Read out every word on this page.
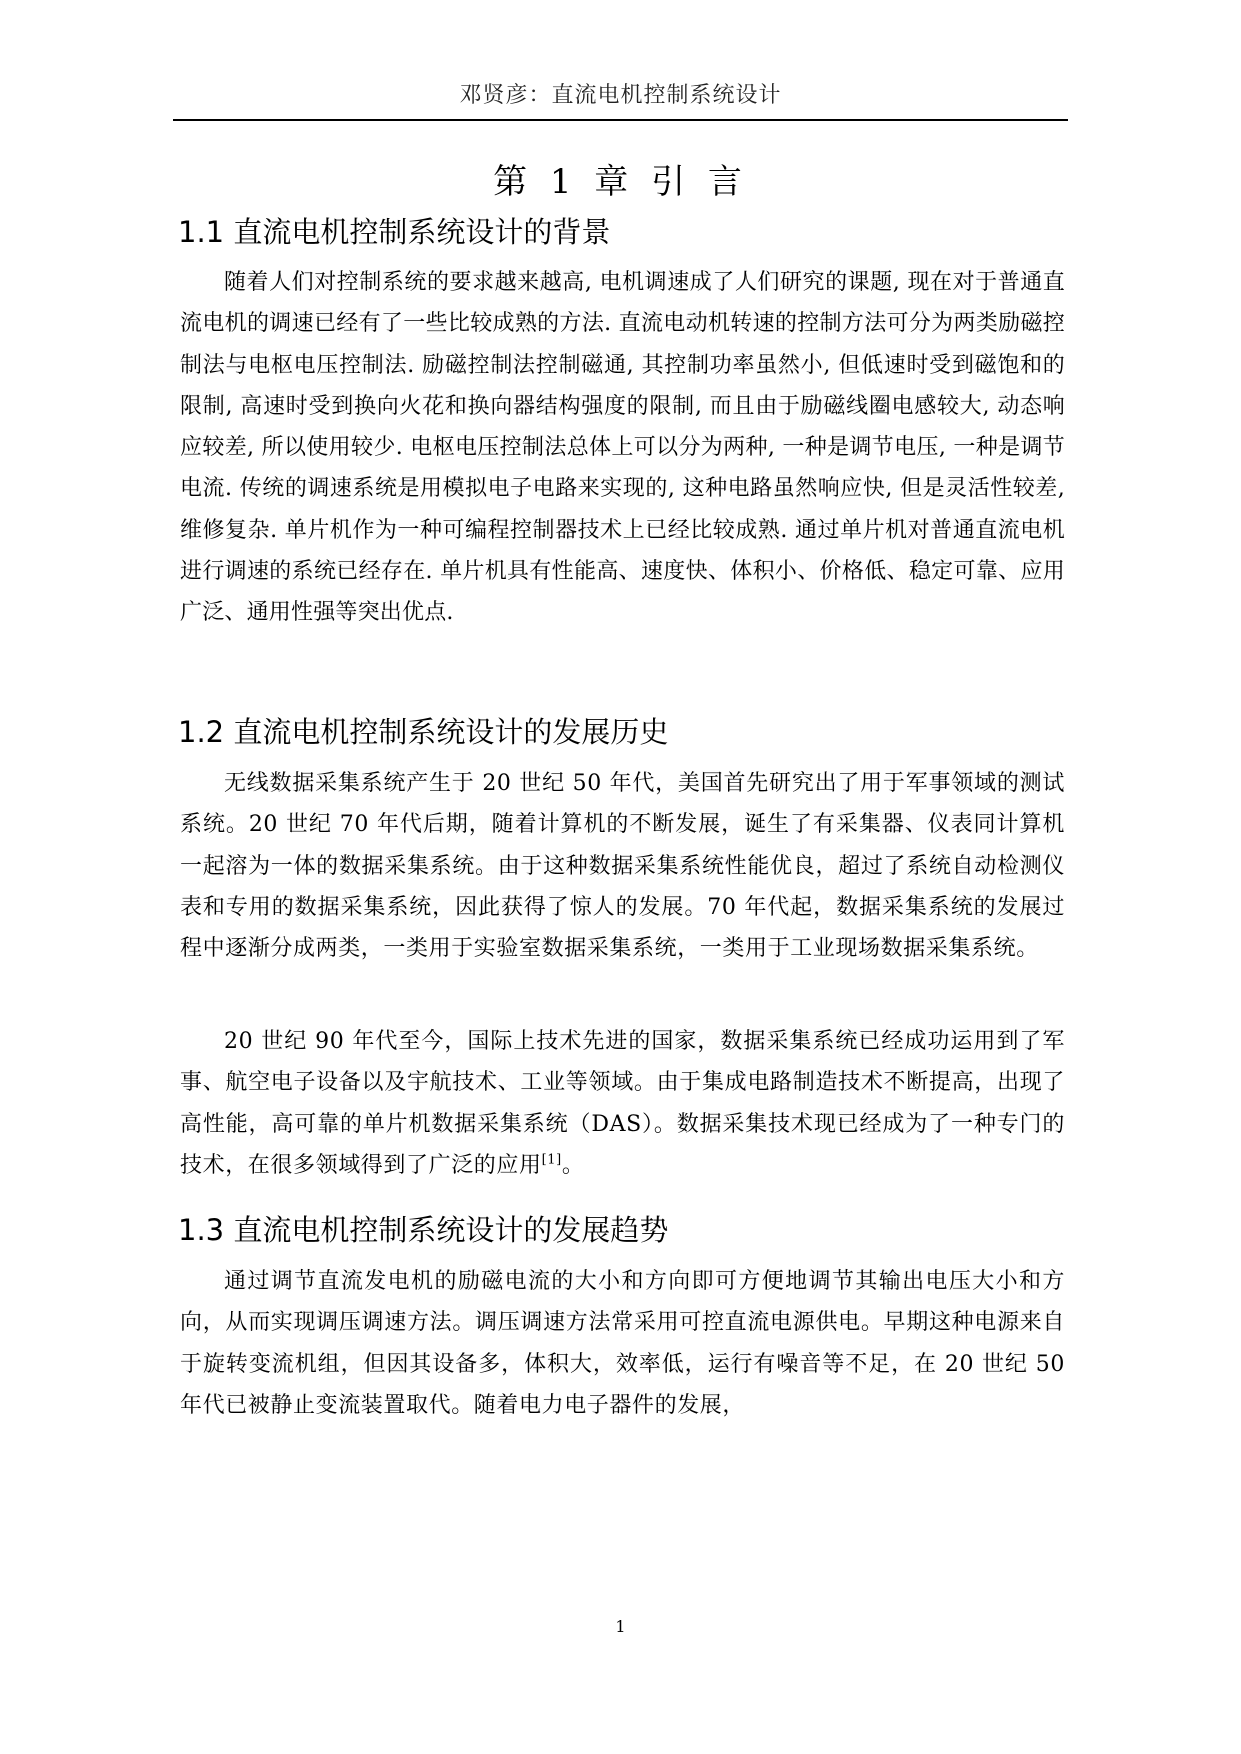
邓贤彦：直流电机控制系统设计
第 1 章 引 言
1.1 直流电机控制系统设计的背景

随着人们对控制系统的要求越来越高, 电机调速成了人们研究的课题, 现在对于普通直流电机的调速已经有了一些比较成熟的方法. 直流电动机转速的控制方法可分为两类励磁控制法与电枢电压控制法. 励磁控制法控制磁通, 其控制功率虽然小, 但低速时受到磁饱和的限制, 高速时受到换向火花和换向器结构强度的限制, 而且由于励磁线圈电感较大, 动态响应较差, 所以使用较少. 电枢电压控制法总体上可以分为两种, 一种是调节电压, 一种是调节电流. 传统的调速系统是用模拟电子电路来实现的, 这种电路虽然响应快, 但是灵活性较差, 维修复杂. 单片机作为一种可编程控制器技术上已经比较成熟. 通过单片机对普通直流电机进行调速的系统已经存在. 单片机具有性能高、速度快、体积小、价格低、稳定可靠、应用广泛、通用性强等突出优点.

1.2 直流电机控制系统设计的发展历史

无线数据采集系统产生于 20 世纪 50 年代，美国首先研究出了用于军事领域的测试系统。20 世纪 70 年代后期，随着计算机的不断发展，诞生了有采集器、仪表同计算机一起溶为一体的数据采集系统。由于这种数据采集系统性能优良，超过了系统自动检测仪表和专用的数据采集系统，因此获得了惊人的发展。70 年代起，数据采集系统的发展过程中逐渐分成两类，一类用于实验室数据采集系统，一类用于工业现场数据采集系统。

20 世纪 90 年代至今，国际上技术先进的国家，数据采集系统已经成功运用到了军事、航空电子设备以及宇航技术、工业等领域。由于集成电路制造技术不断提高，出现了高性能，高可靠的单片机数据采集系统（DAS）。数据采集技术现已经成为了一种专门的技术，在很多领域得到了广泛的应用[1]。

1.3 直流电机控制系统设计的发展趋势

通过调节直流发电机的励磁电流的大小和方向即可方便地调节其输出电压大小和方向，从而实现调压调速方法。调压调速方法常采用可控直流电源供电。早期这种电源来自于旋转变流机组，但因其设备多，体积大，效率低，运行有噪音等不足，在 20 世纪 50 年代已被静止变流装置取代。随着电力电子器件的发展，

1
